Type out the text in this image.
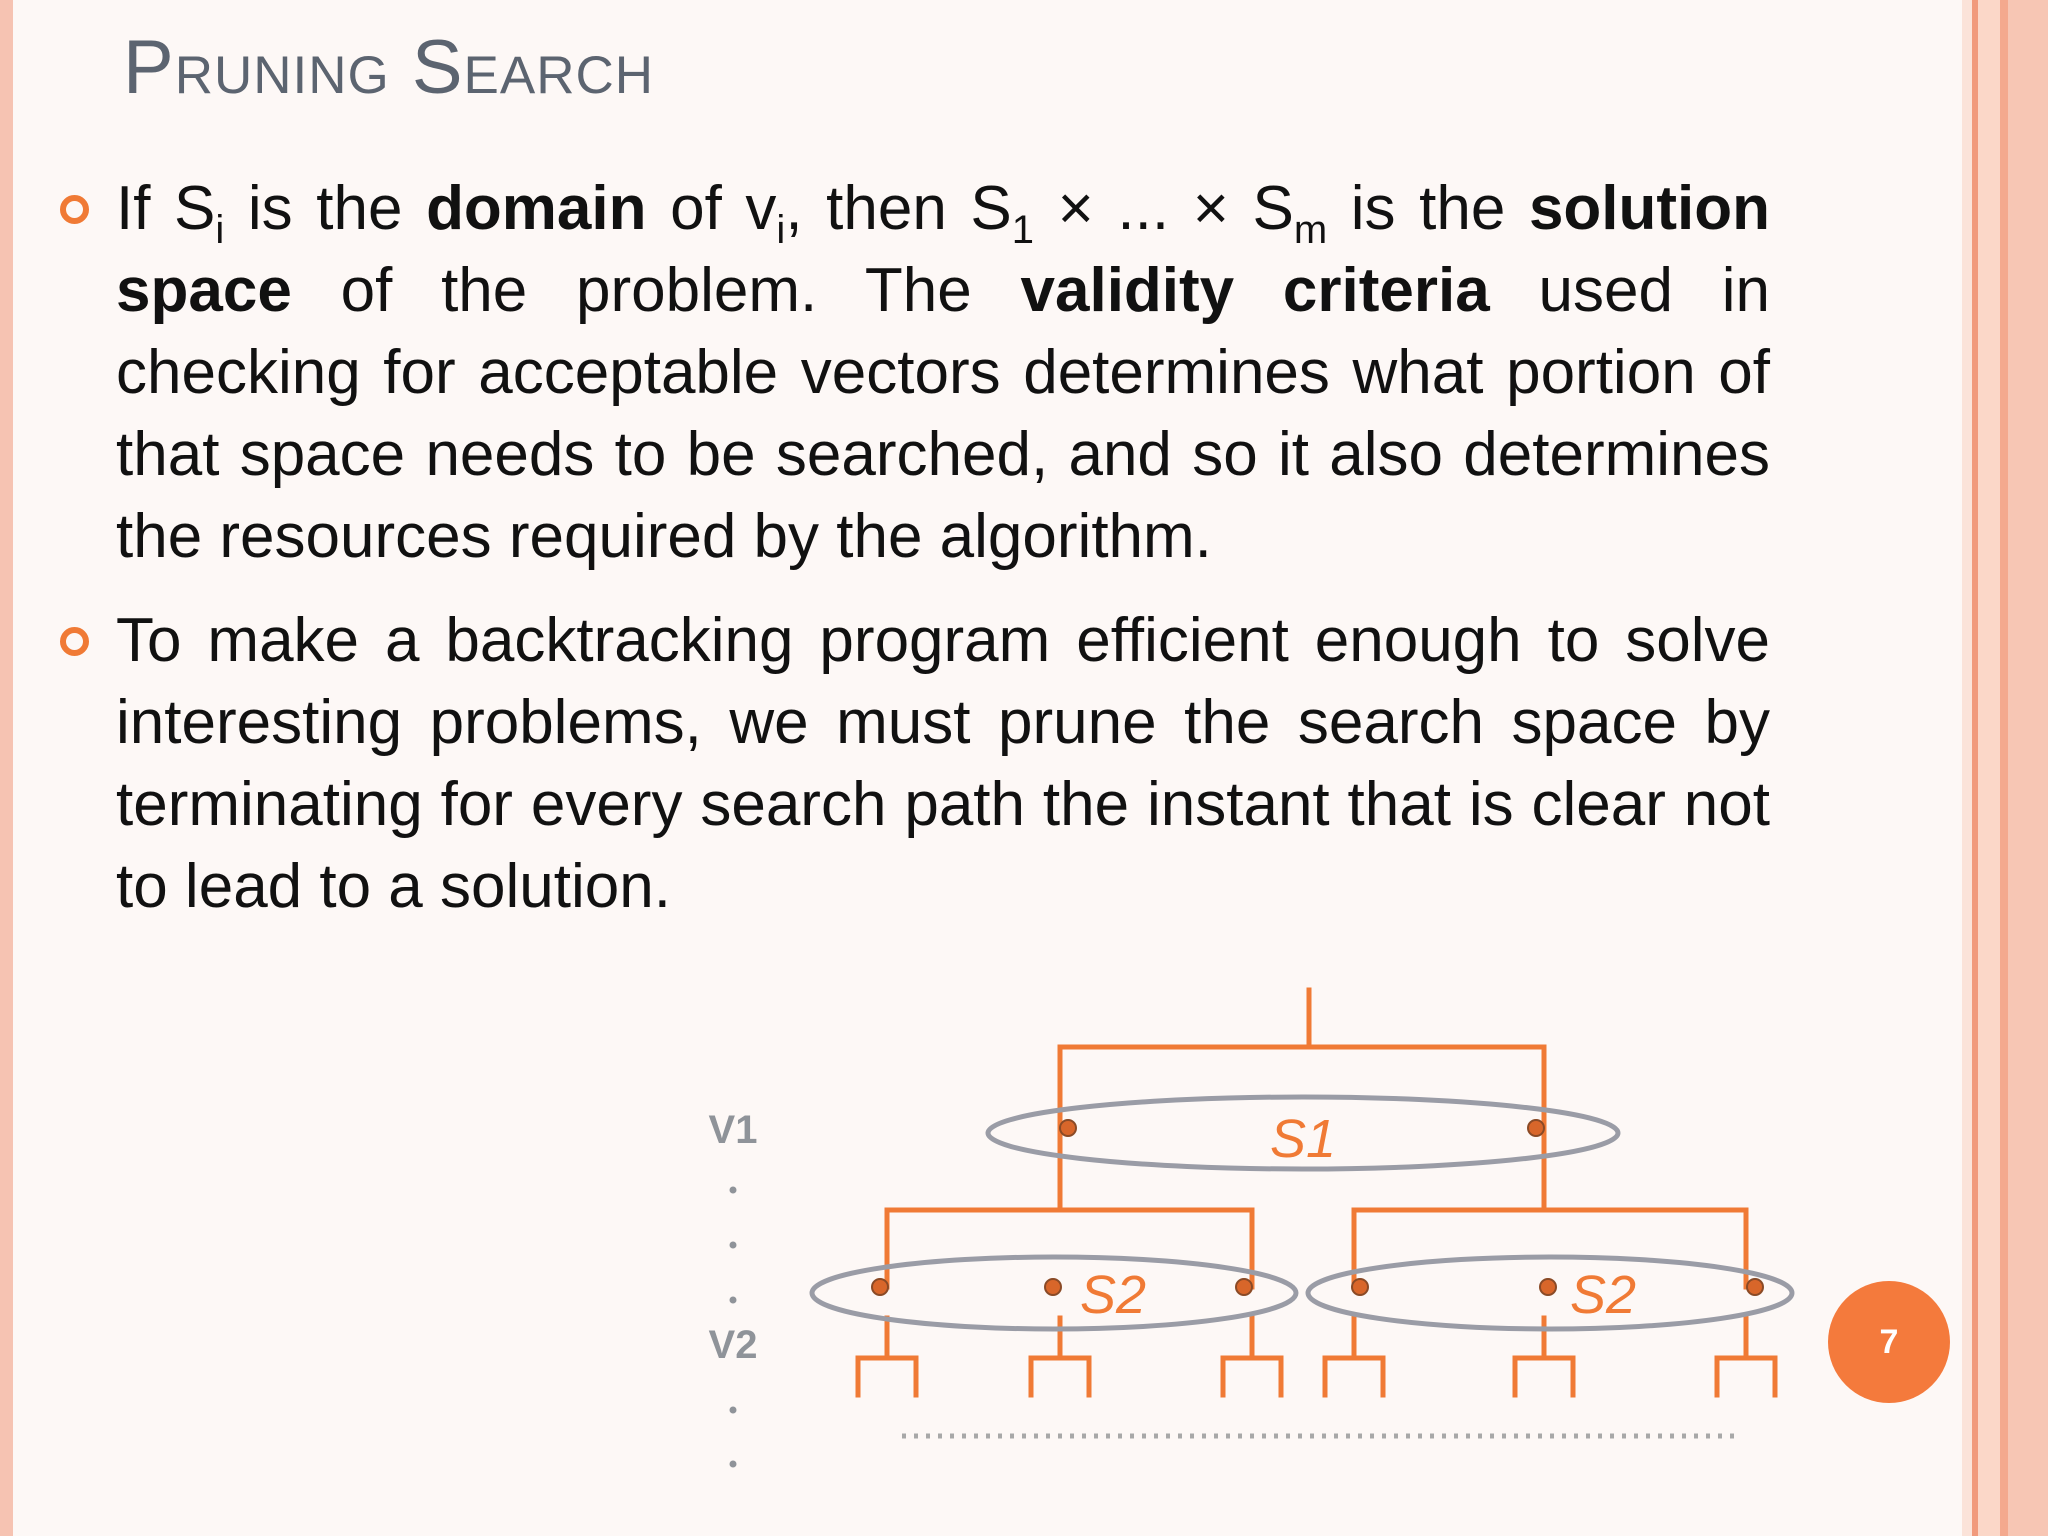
Pruning Search
If $S_i$ is the domain of $v_i$, then $S_1$ × ... × $S_m$ is the solution space of the problem. The validity criteria used in checking for acceptable vectors determines what portion of that space needs to be searched, and so it also determines the resources required by the algorithm.
To make a backtracking program efficient enough to solve interesting problems, we must prune the search space by terminating for every search path the instant that is clear not to lead to a solution.
V1
V2
S1
S2	S2
7
